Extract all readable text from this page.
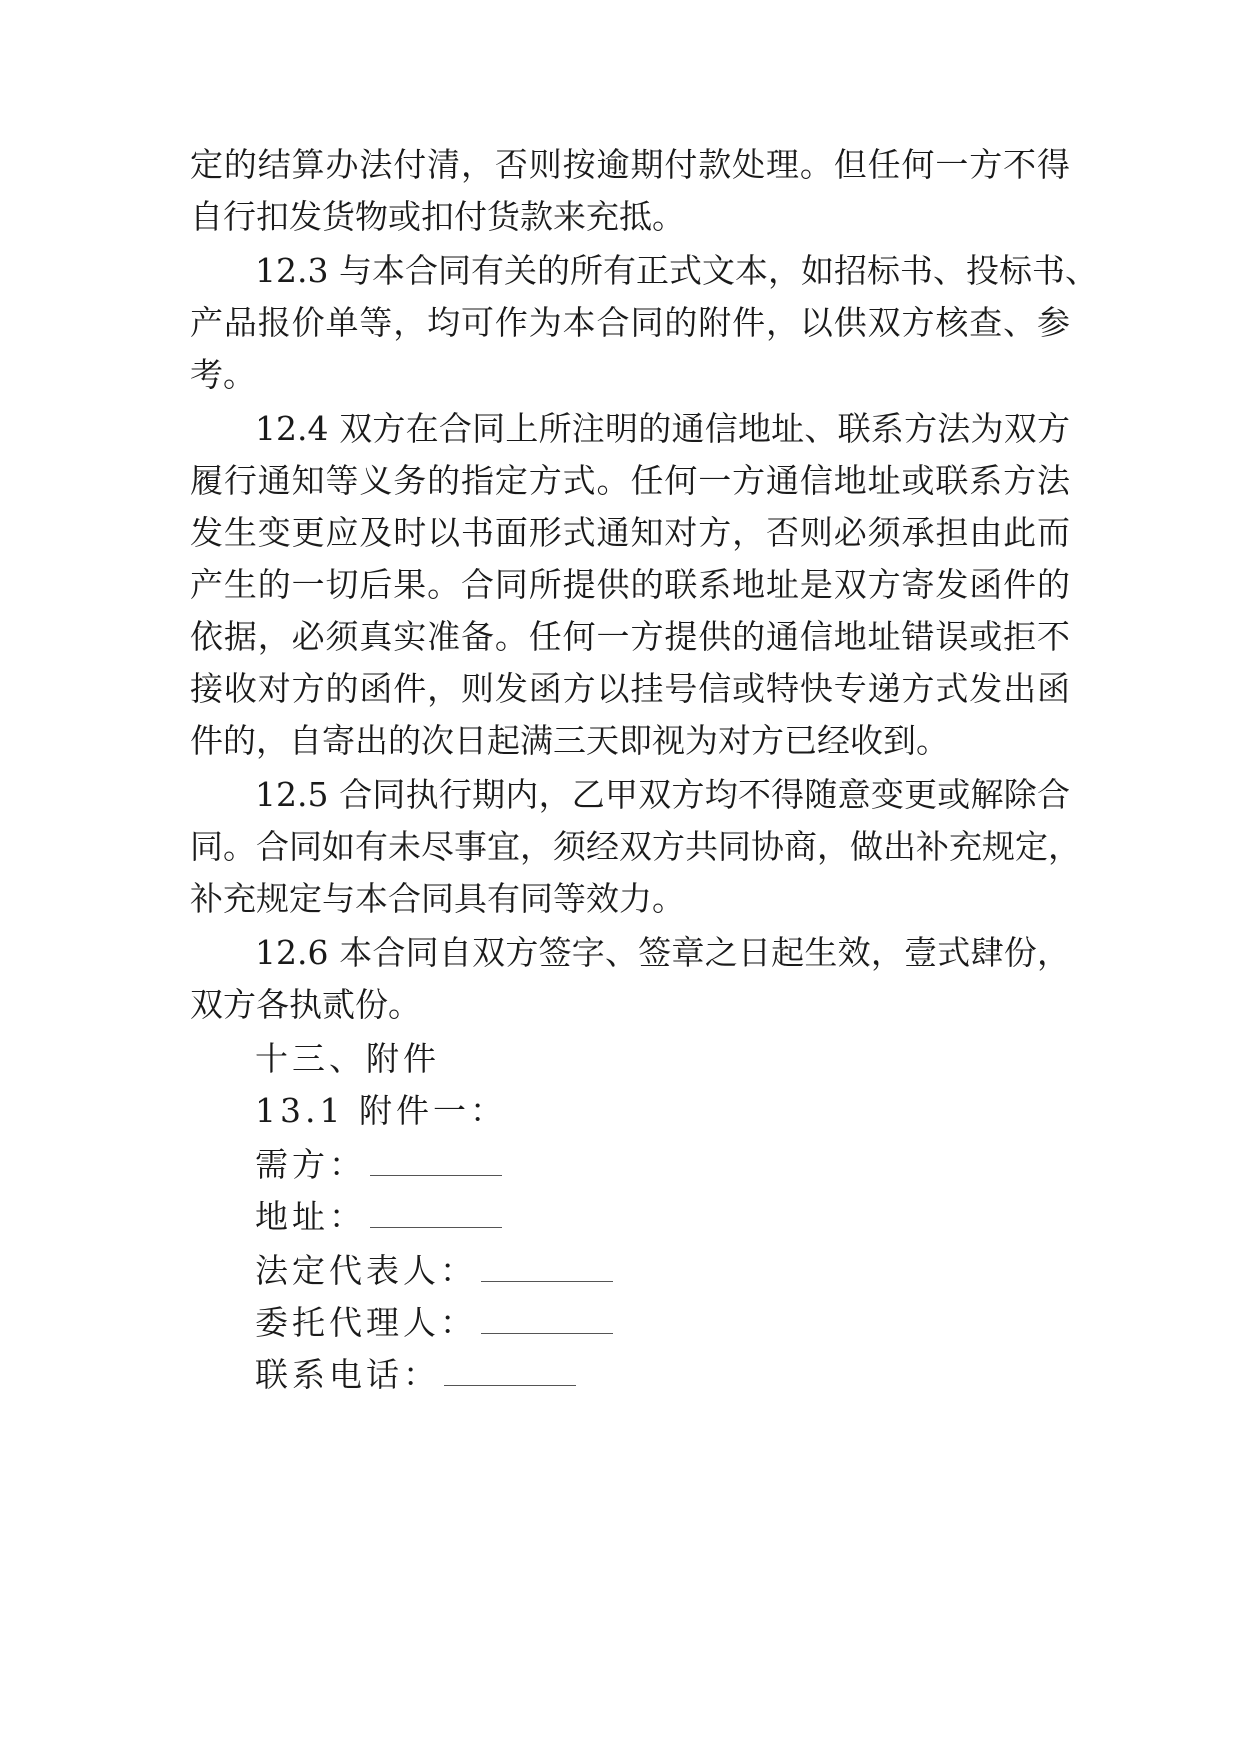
定的结算办法付清，否则按逾期付款处理。但任何一方不得
自行扣发货物或扣付货款来充抵。
12.3 与本合同有关的所有正式文本，如招标书、投标书、
产品报价单等，均可作为本合同的附件，以供双方核查、参
考。
12.4 双方在合同上所注明的通信地址、联系方法为双方
履行通知等义务的指定方式。任何一方通信地址或联系方法
发生变更应及时以书面形式通知对方，否则必须承担由此而
产生的一切后果。合同所提供的联系地址是双方寄发函件的
依据，必须真实准备。任何一方提供的通信地址错误或拒不
接收对方的函件，则发函方以挂号信或特快专递方式发出函
件的，自寄出的次日起满三天即视为对方已经收到。
12.5 合同执行期内，乙甲双方均不得随意变更或解除合
同。合同如有未尽事宜，须经双方共同协商，做出补充规定，
补充规定与本合同具有同等效力。
12.6 本合同自双方签字、签章之日起生效，壹式肆份，
双方各执贰份。
十三、附件
13.1 附件一：
需方：
地址：
法定代表人：
委托代理人：
联系电话：
